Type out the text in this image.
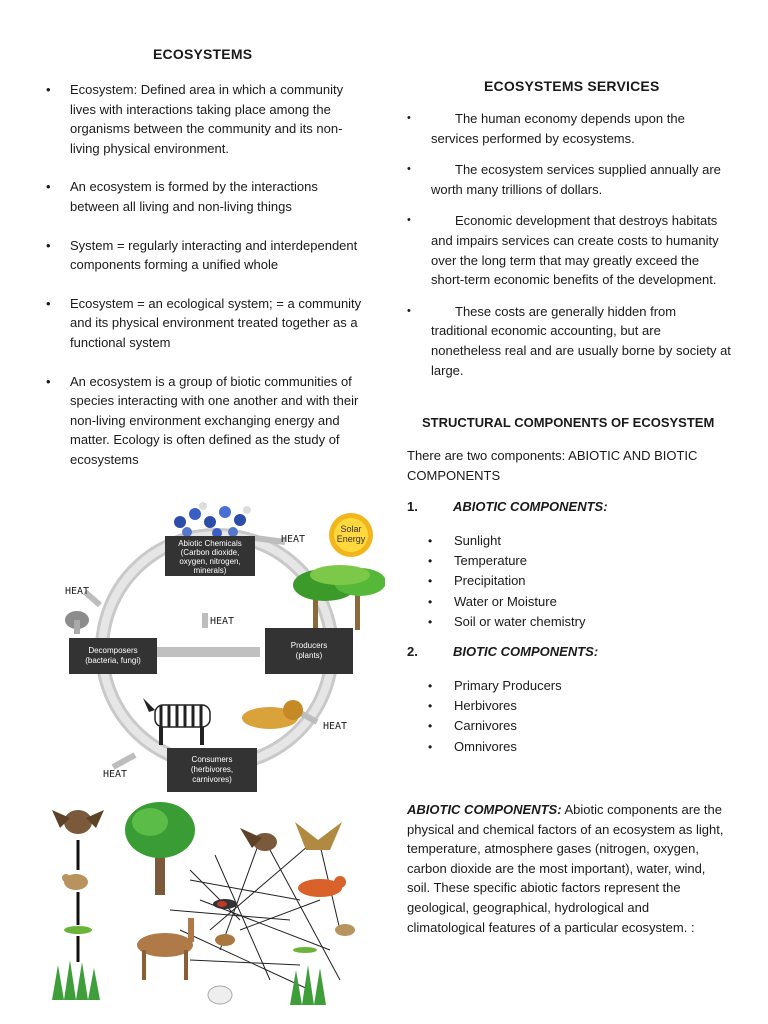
ECOSYSTEMS
• Ecosystem: Defined area in which a community lives with interactions taking place among the organisms between the community and its non-living physical environment.
• An ecosystem is formed by the interactions between all living and non-living things
• System = regularly interacting and interdependent components forming a unified whole
• Ecosystem = an ecological system; = a community and its physical environment treated together as a functional system
• An ecosystem is a group of biotic communities of species interacting with one another and with their non-living environment exchanging energy and matter. Ecology is often defined as the study of ecosystems
Abiotic Chemicals
(Carbon dioxide,
oxygen, nitrogen,
minerals)
Solar
Energy
Producers
(plants)
Decomposers
(bacteria, fungi)
Consumers
(herbivores,
carnivores)
HEAT
HEAT
HEAT
HEAT
HEAT
ECOSYSTEMS SERVICES
•	The human economy depends upon the services performed by ecosystems.
•	The ecosystem services supplied annually are worth many trillions of dollars.
•	Economic development that destroys habitats and impairs services can create costs to humanity over the long term that may greatly exceed the short-term economic benefits of the development.
•	These costs are generally hidden from traditional economic accounting, but are nonetheless real and are usually borne by society at large.
STRUCTURAL COMPONENTS OF ECOSYSTEM
There are two components: ABIOTIC AND BIOTIC COMPONENTS
1.	ABIOTIC COMPONENTS:
• Sunlight
• Temperature
• Precipitation
• Water or Moisture
• Soil or water chemistry
2.	BIOTIC COMPONENTS:
• Primary Producers
• Herbivores
• Carnivores
• Omnivores
ABIOTIC COMPONENTS: Abiotic components are the physical and chemical factors of an ecosystem as light, temperature, atmosphere gases (nitrogen, oxygen, carbon dioxide are the most important), water, wind, soil. These specific abiotic factors represent the geological, geographical, hydrological and climatological features of a particular ecosystem. :
